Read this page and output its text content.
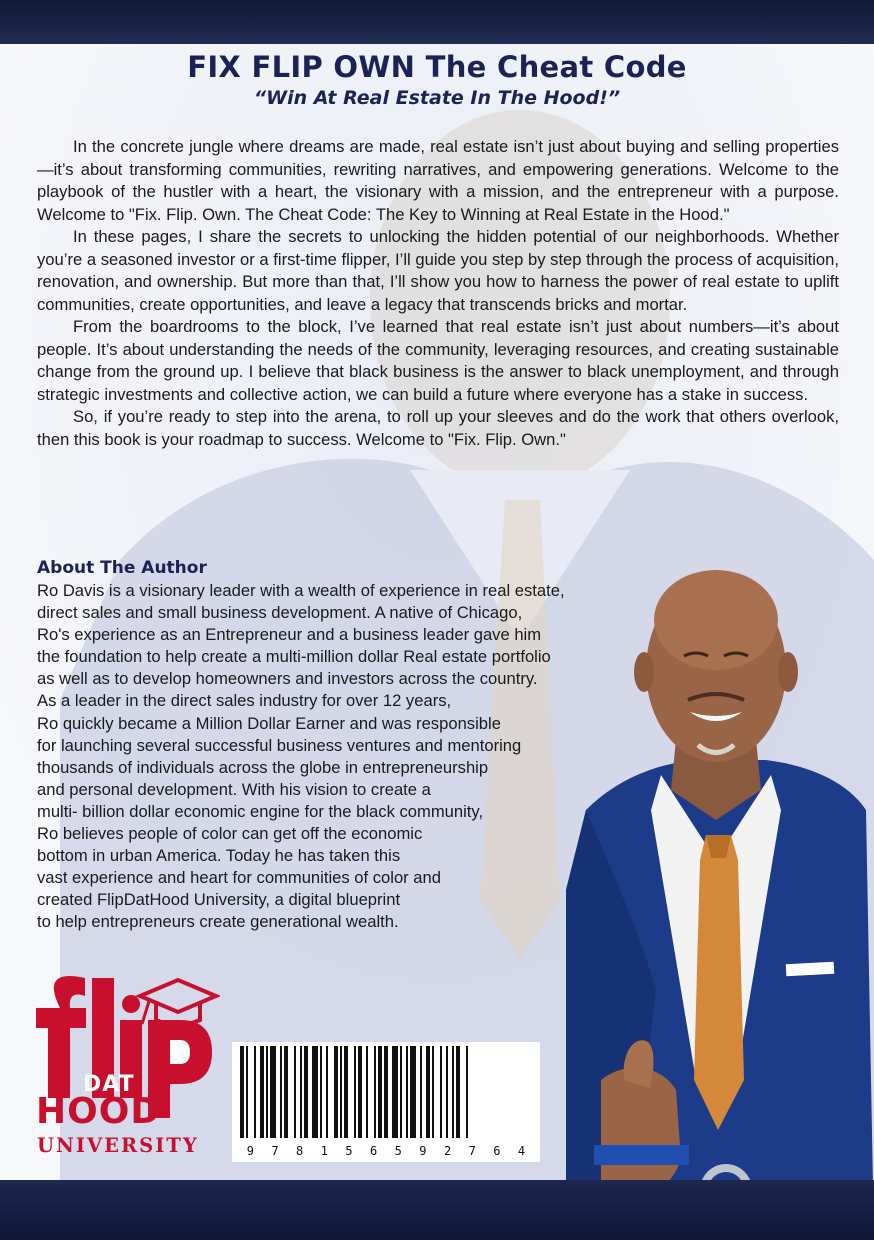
FIX FLIP OWN The Cheat Code
“Win At Real Estate In The Hood!”

In the concrete jungle where dreams are made, real estate isn’t just about buying and selling properties—it’s about transforming communities, rewriting narratives, and empowering generations. Welcome to the playbook of the hustler with a heart, the visionary with a mission, and the entrepreneur with a purpose. Welcome to "Fix. Flip. Own. The Cheat Code: The Key to Winning at Real Estate in the Hood."

In these pages, I share the secrets to unlocking the hidden potential of our neighborhoods. Whether you’re a seasoned investor or a first-time flipper, I’ll guide you step by step through the process of acquisition, renovation, and ownership. But more than that, I’ll show you how to harness the power of real estate to uplift communities, create opportunities, and leave a legacy that transcends bricks and mortar.

From the boardrooms to the block, I’ve learned that real estate isn’t just about numbers—it’s about people. It’s about understanding the needs of the community, leveraging resources, and creating sustainable change from the ground up. I believe that black business is the answer to black unemployment, and through strategic investments and collective action, we can build a future where everyone has a stake in success.

So, if you’re ready to step into the arena, to roll up your sleeves and do the work that others overlook, then this book is your roadmap to success. Welcome to "Fix. Flip. Own."

About The Author
Ro Davis is a visionary leader with a wealth of experience in real estate,
direct sales and small business development. A native of Chicago,
Ro's experience as an Entrepreneur and a business leader gave him
the foundation to help create a multi-million dollar Real estate portfolio
as well as to develop homeowners and investors across the country.
As a leader in the direct sales industry for over 12 years,
Ro quickly became a Million Dollar Earner and was responsible
for launching several successful business ventures and mentoring
thousands of individuals across the globe in entrepreneurship
and personal development. With his vision to create a
multi- billion dollar economic engine for the black community,
Ro believes people of color can get off the economic
bottom in urban America. Today he has taken this
vast experience and heart for communities of color and
created FlipDatHood University, a digital blueprint
to help entrepreneurs create generational wealth.
DAT
HOOD
UNIVERSITY	9 7 8 1 5 6 5 9 2 7 6 4
